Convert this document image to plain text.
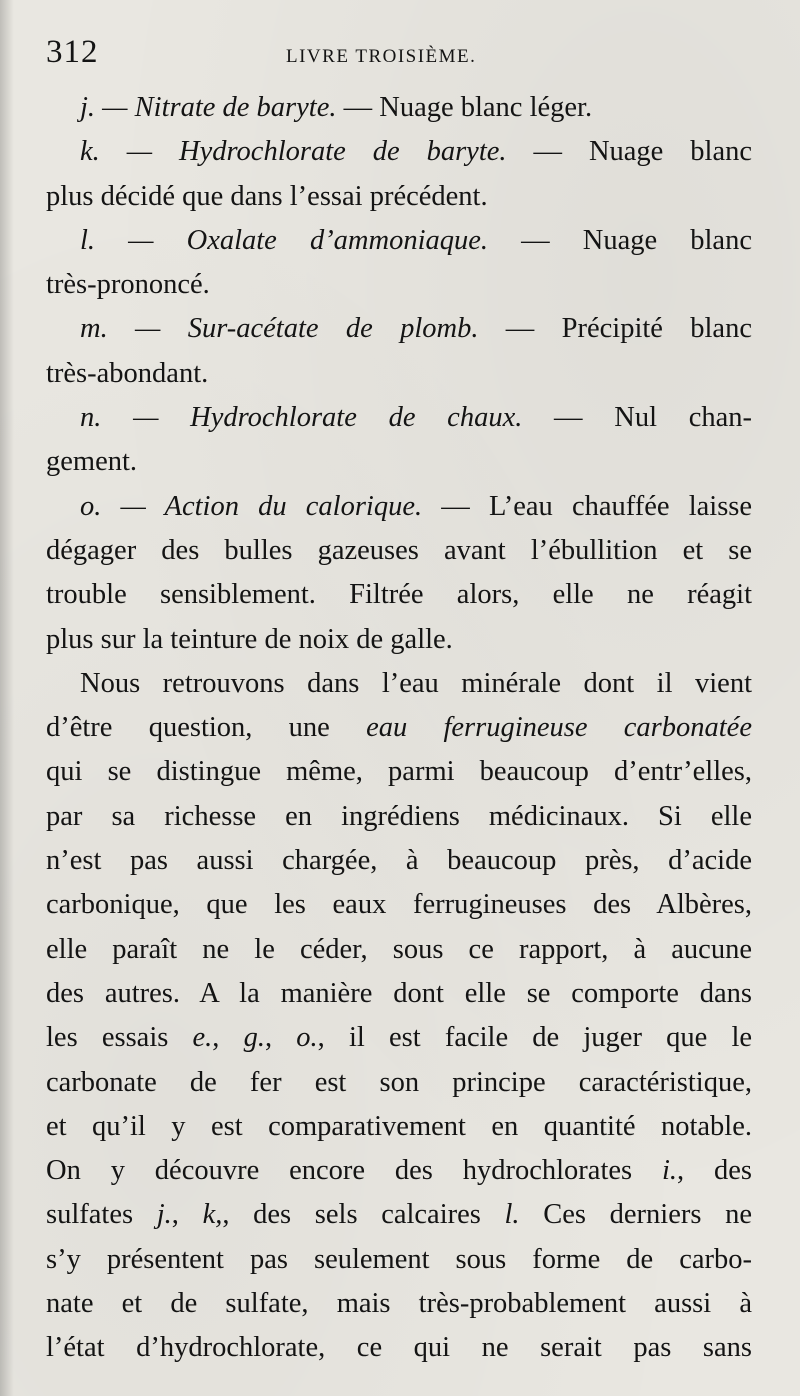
312	LIVRE TROISIÈME.
j. — Nitrate de baryte. — Nuage blanc léger.
k. — Hydrochlorate de baryte. — Nuage blanc
plus décidé que dans l’essai précédent.
l. — Oxalate d’ammoniaque. — Nuage blanc
très-prononcé.
m. — Sur-acétate de plomb. — Précipité blanc
très-abondant.
n. — Hydrochlorate de chaux. — Nul chan-
gement.
o. — Action du calorique. — L’eau chauffée laisse
dégager des bulles gazeuses avant l’ébullition et se
trouble sensiblement. Filtrée alors, elle ne réagit
plus sur la teinture de noix de galle.
Nous retrouvons dans l’eau minérale dont il vient
d’être question, une eau ferrugineuse carbonatée
qui se distingue même, parmi beaucoup d’entr’elles,
par sa richesse en ingrédiens médicinaux. Si elle
n’est pas aussi chargée, à beaucoup près, d’acide
carbonique, que les eaux ferrugineuses des Albères,
elle paraît ne le céder, sous ce rapport, à aucune
des autres. A la manière dont elle se comporte dans
les essais e., g., o., il est facile de juger que le
carbonate de fer est son principe caractéristique,
et qu’il y est comparativement en quantité notable.
On y découvre encore des hydrochlorates i., des
sulfates j., k,, des sels calcaires l. Ces derniers ne
s’y présentent pas seulement sous forme de carbo-
nate et de sulfate, mais très-probablement aussi à
l’état d’hydrochlorate, ce qui ne serait pas sans
